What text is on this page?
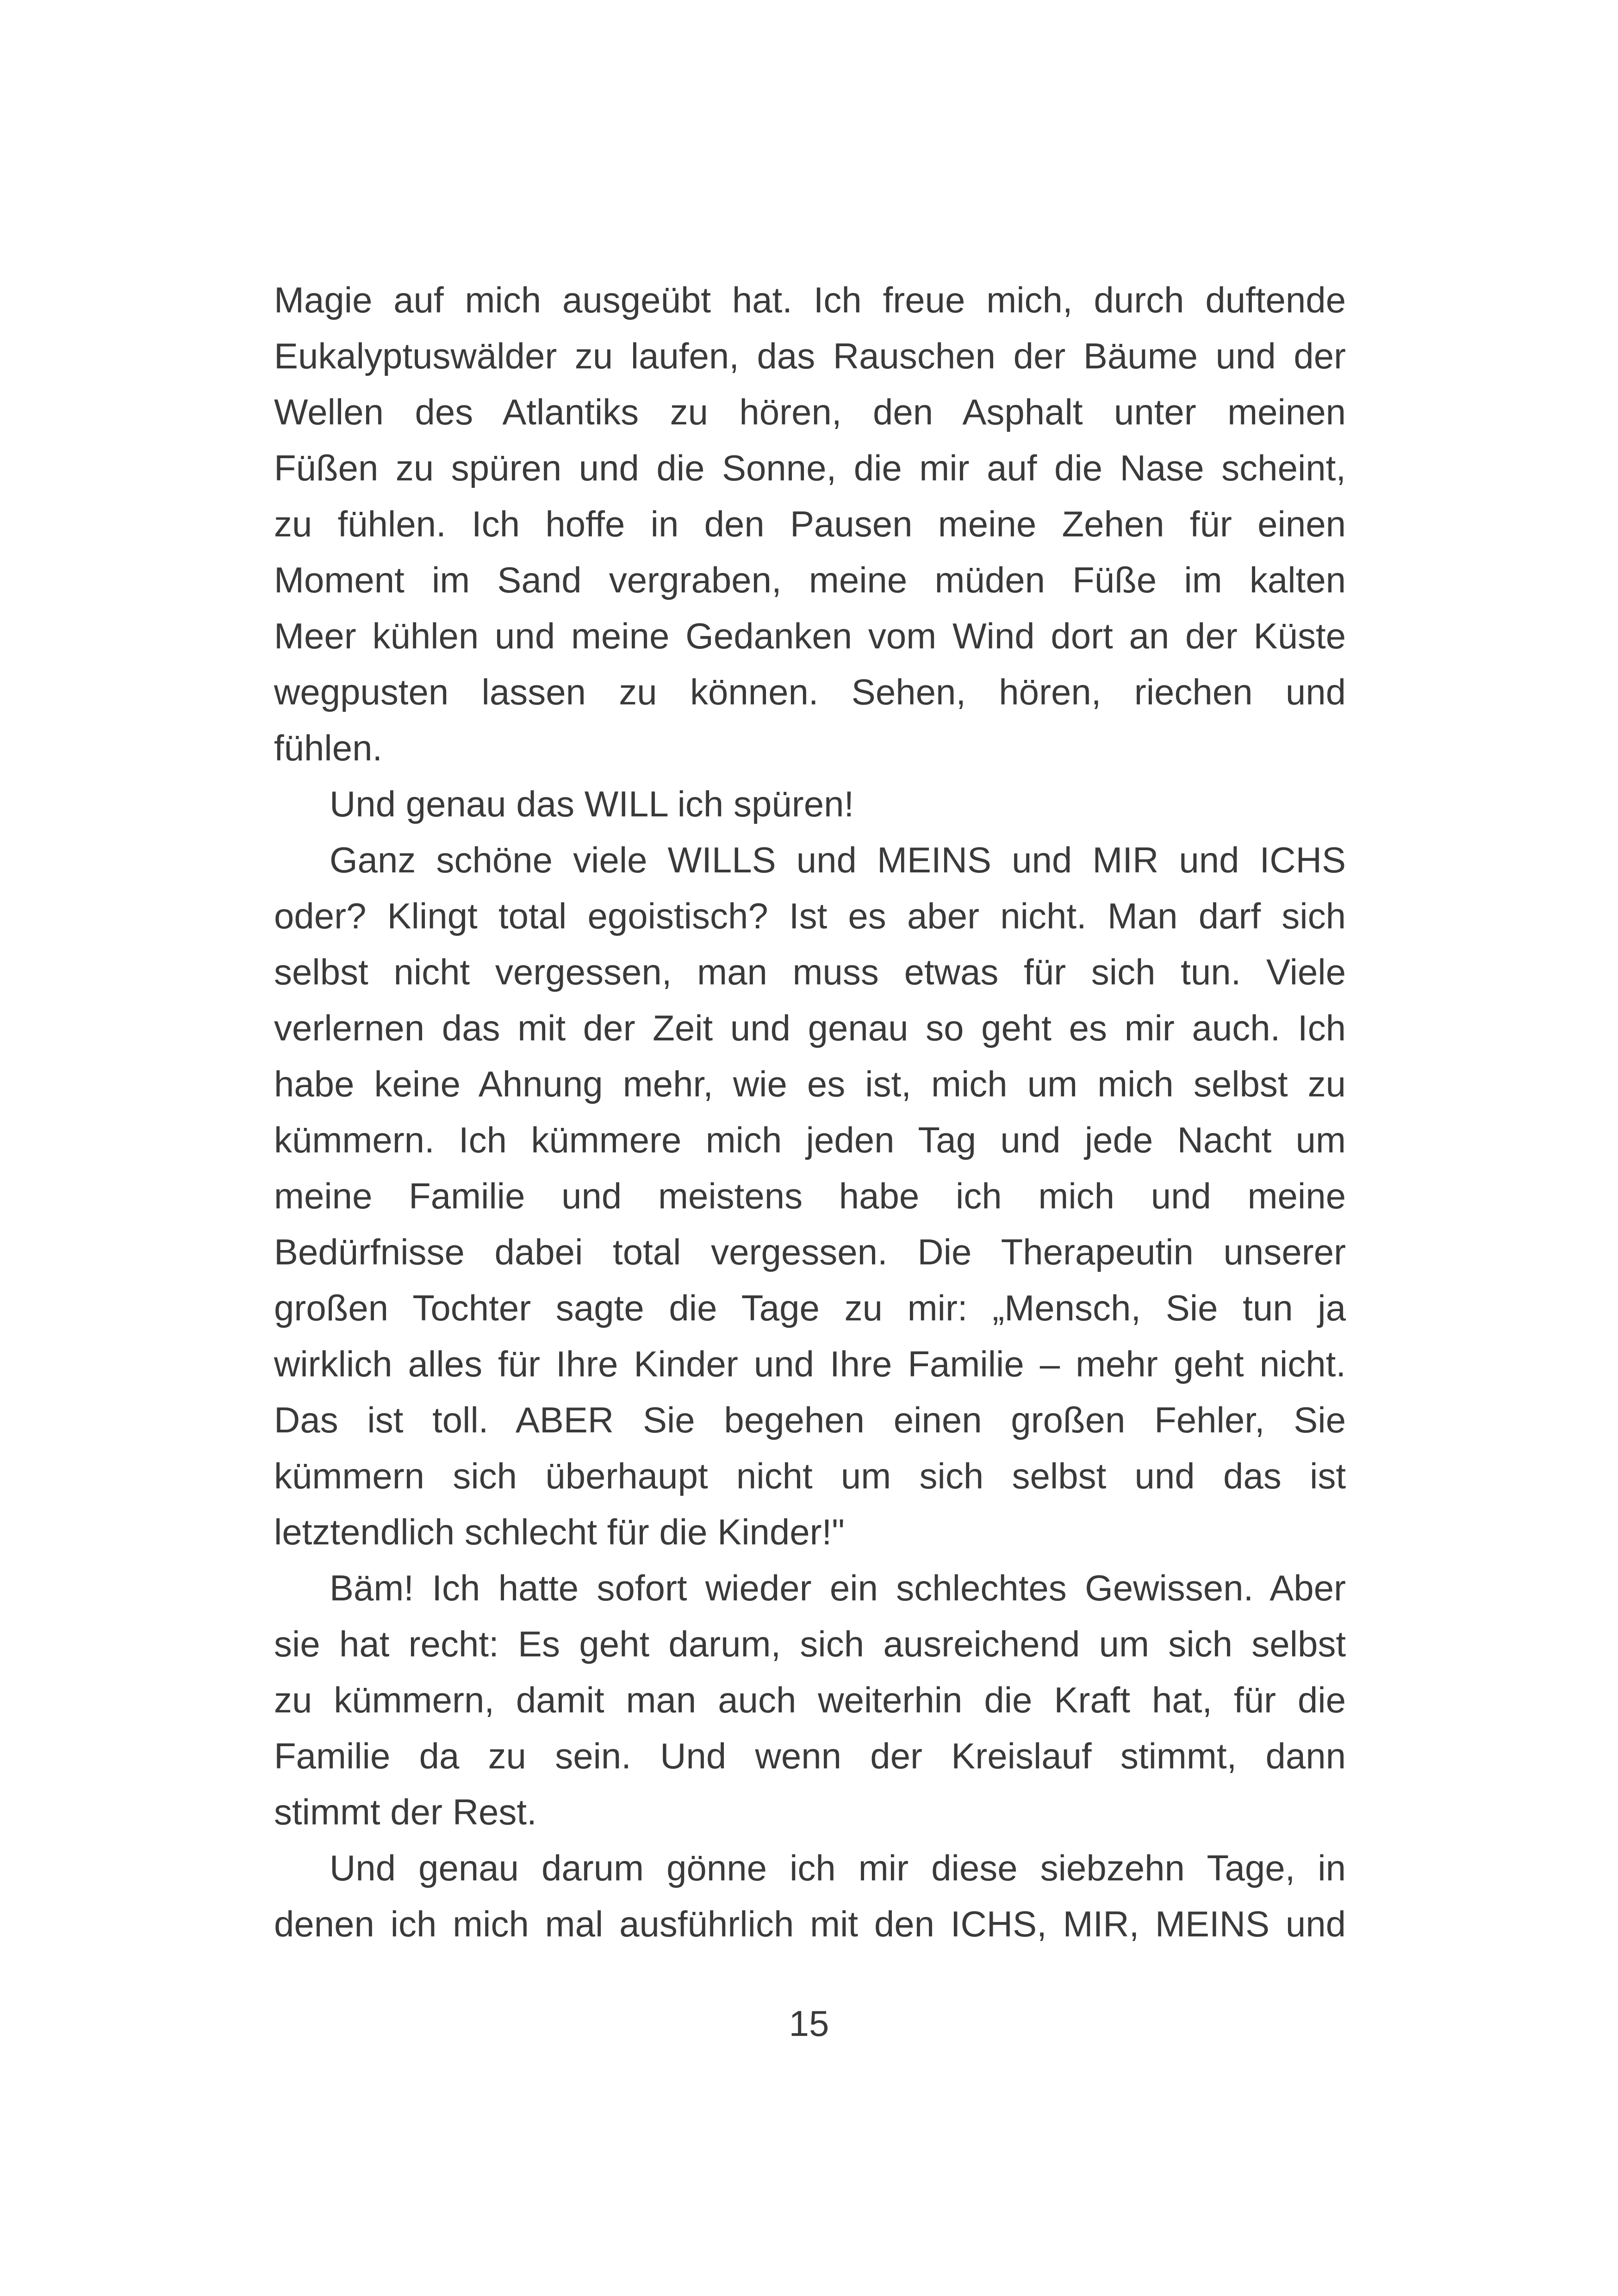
Magie auf mich ausgeübt hat. Ich freue mich, durch duftende
Eukalyptuswälder zu laufen, das Rauschen der Bäume und der
Wellen des Atlantiks zu hören, den Asphalt unter meinen
Füßen zu spüren und die Sonne, die mir auf die Nase scheint,
zu fühlen. Ich hoffe in den Pausen meine Zehen für einen
Moment im Sand vergraben, meine müden Füße im kalten
Meer kühlen und meine Gedanken vom Wind dort an der Küste
wegpusten lassen zu können. Sehen, hören, riechen und
fühlen.
Und genau das WILL ich spüren!
Ganz schöne viele WILLS und MEINS und MIR und ICHS
oder? Klingt total egoistisch? Ist es aber nicht. Man darf sich
selbst nicht vergessen, man muss etwas für sich tun. Viele
verlernen das mit der Zeit und genau so geht es mir auch. Ich
habe keine Ahnung mehr, wie es ist, mich um mich selbst zu
kümmern. Ich kümmere mich jeden Tag und jede Nacht um
meine Familie und meistens habe ich mich und meine
Bedürfnisse dabei total vergessen. Die Therapeutin unserer
großen Tochter sagte die Tage zu mir: „Mensch, Sie tun ja
wirklich alles für Ihre Kinder und Ihre Familie – mehr geht nicht.
Das ist toll. ABER Sie begehen einen großen Fehler, Sie
kümmern sich überhaupt nicht um sich selbst und das ist
letztendlich schlecht für die Kinder!"
Bäm! Ich hatte sofort wieder ein schlechtes Gewissen. Aber
sie hat recht: Es geht darum, sich ausreichend um sich selbst
zu kümmern, damit man auch weiterhin die Kraft hat, für die
Familie da zu sein. Und wenn der Kreislauf stimmt, dann
stimmt der Rest.
Und genau darum gönne ich mir diese siebzehn Tage, in
denen ich mich mal ausführlich mit den ICHS, MIR, MEINS und
15
